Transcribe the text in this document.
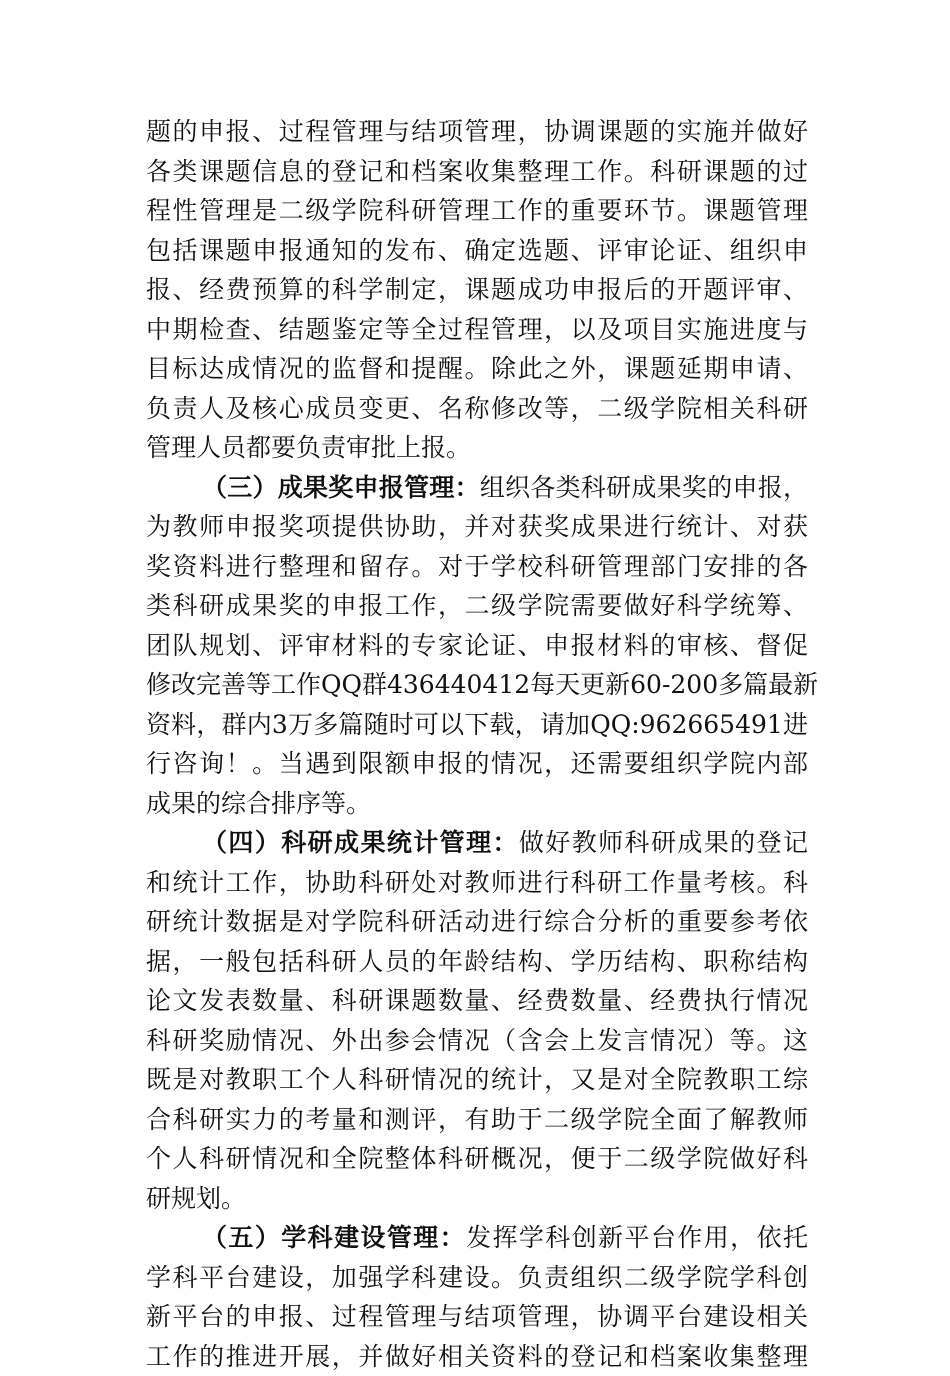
题的申报、过程管理与结项管理，协调课题的实施并做好
各类课题信息的登记和档案收集整理工作。科研课题的过
程性管理是二级学院科研管理工作的重要环节。课题管理
包括课题申报通知的发布、确定选题、评审论证、组织申
报、经费预算的科学制定，课题成功申报后的开题评审、
中期检查、结题鉴定等全过程管理，以及项目实施进度与
目标达成情况的监督和提醒。除此之外，课题延期申请、
负责人及核心成员变更、名称修改等，二级学院相关科研
管理人员都要负责审批上报。
（三）成果奖申报管理：组织各类科研成果奖的申报，
为教师申报奖项提供协助，并对获奖成果进行统计、对获
奖资料进行整理和留存。对于学校科研管理部门安排的各
类科研成果奖的申报工作，二级学院需要做好科学统筹、
团队规划、评审材料的专家论证、申报材料的审核、督促
修改完善等工作QQ群436440412每天更新60-200多篇最新
资料，群内3万多篇随时可以下载，请加QQ:962665491进
行咨询！。当遇到限额申报的情况，还需要组织学院内部
成果的综合排序等。
（四）科研成果统计管理：做好教师科研成果的登记
和统计工作，协助科研处对教师进行科研工作量考核。科
研统计数据是对学院科研活动进行综合分析的重要参考依
据，一般包括科研人员的年龄结构、学历结构、职称结构
论文发表数量、科研课题数量、经费数量、经费执行情况
科研奖励情况、外出参会情况（含会上发言情况）等。这
既是对教职工个人科研情况的统计，又是对全院教职工综
合科研实力的考量和测评，有助于二级学院全面了解教师
个人科研情况和全院整体科研概况，便于二级学院做好科
研规划。
（五）学科建设管理：发挥学科创新平台作用，依托
学科平台建设，加强学科建设。负责组织二级学院学科创
新平台的申报、过程管理与结项管理，协调平台建设相关
工作的推进开展，并做好相关资料的登记和档案收集整理
